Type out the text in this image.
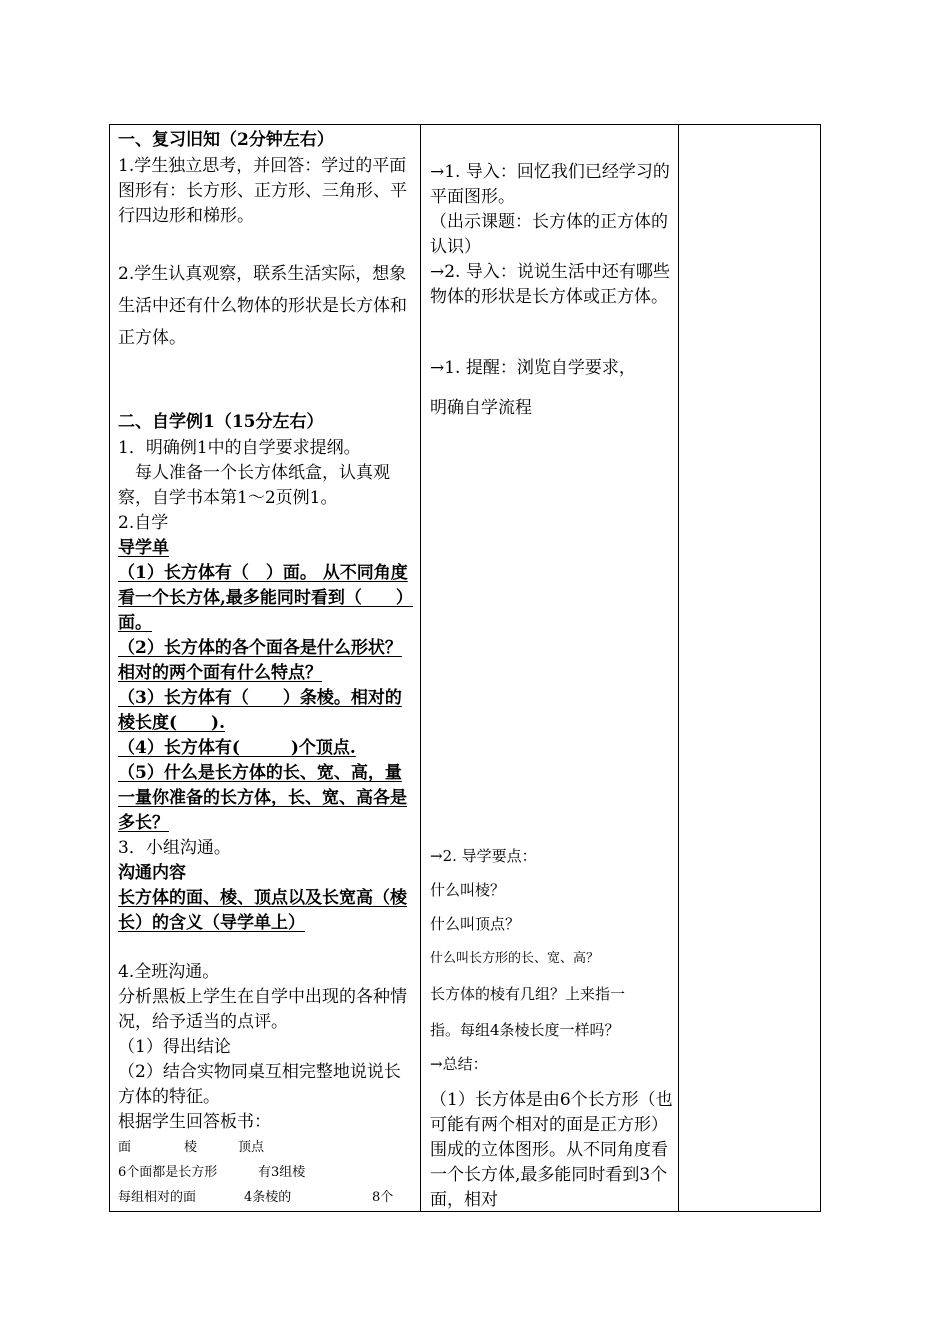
一、复习旧知（2分钟左右）
1.学生独立思考，并回答：学过的平面图形有：长方形、正方形、三角形、平行四边形和梯形。
2.学生认真观察，联系生活实际，想象生活中还有什么物体的形状是长方体和正方体。
二、自学例1（15分左右）
1．明确例1中的自学要求提纲。
　每人准备一个长方体纸盒，认真观察，自学书本第1～2页例1。
2.自学
导学单
（1）长方体有（　）面。 从不同角度看一个长方体,最多能同时看到（　　）面。
（2）长方体的各个面各是什么形状？相对的两个面有什么特点？
（3）长方体有（　　）条棱。相对的棱长度(　　).
（4）长方体有(　　　)个顶点.
（5）什么是长方体的长、宽、高，量一量你准备的长方体，长、宽、高各是多长？
3．小组沟通。
沟通内容
长方体的面、棱、顶点以及长宽高（棱长）的含义（导学单上）
4.全班沟通。
分析黑板上学生在自学中出现的各种情况，给予适当的点评。
（1）得出结论
（2）结合实物同桌互相完整地说说长方体的特征。
根据学生回答板书：
面	棱	顶点
6个面都是长方形	有3组棱
每组相对的面	4条棱的	8个
→1. 导入：回忆我们已经学习的平面图形。
（出示课题：长方体的正方体的认识）
→2. 导入：说说生活中还有哪些物体的形状是长方体或正方体。
→1. 提醒：浏览自学要求，
明确自学流程
→2. 导学要点：
什么叫棱？
什么叫顶点？
什么叫长方形的长、宽、高？
长方体的棱有几组？上来指一
指。每组4条棱长度一样吗？
→总结：
（1）长方体是由6个长方形（也可能有两个相对的面是正方形）围成的立体图形。从不同角度看一个长方体,最多能同时看到3个面，相对
